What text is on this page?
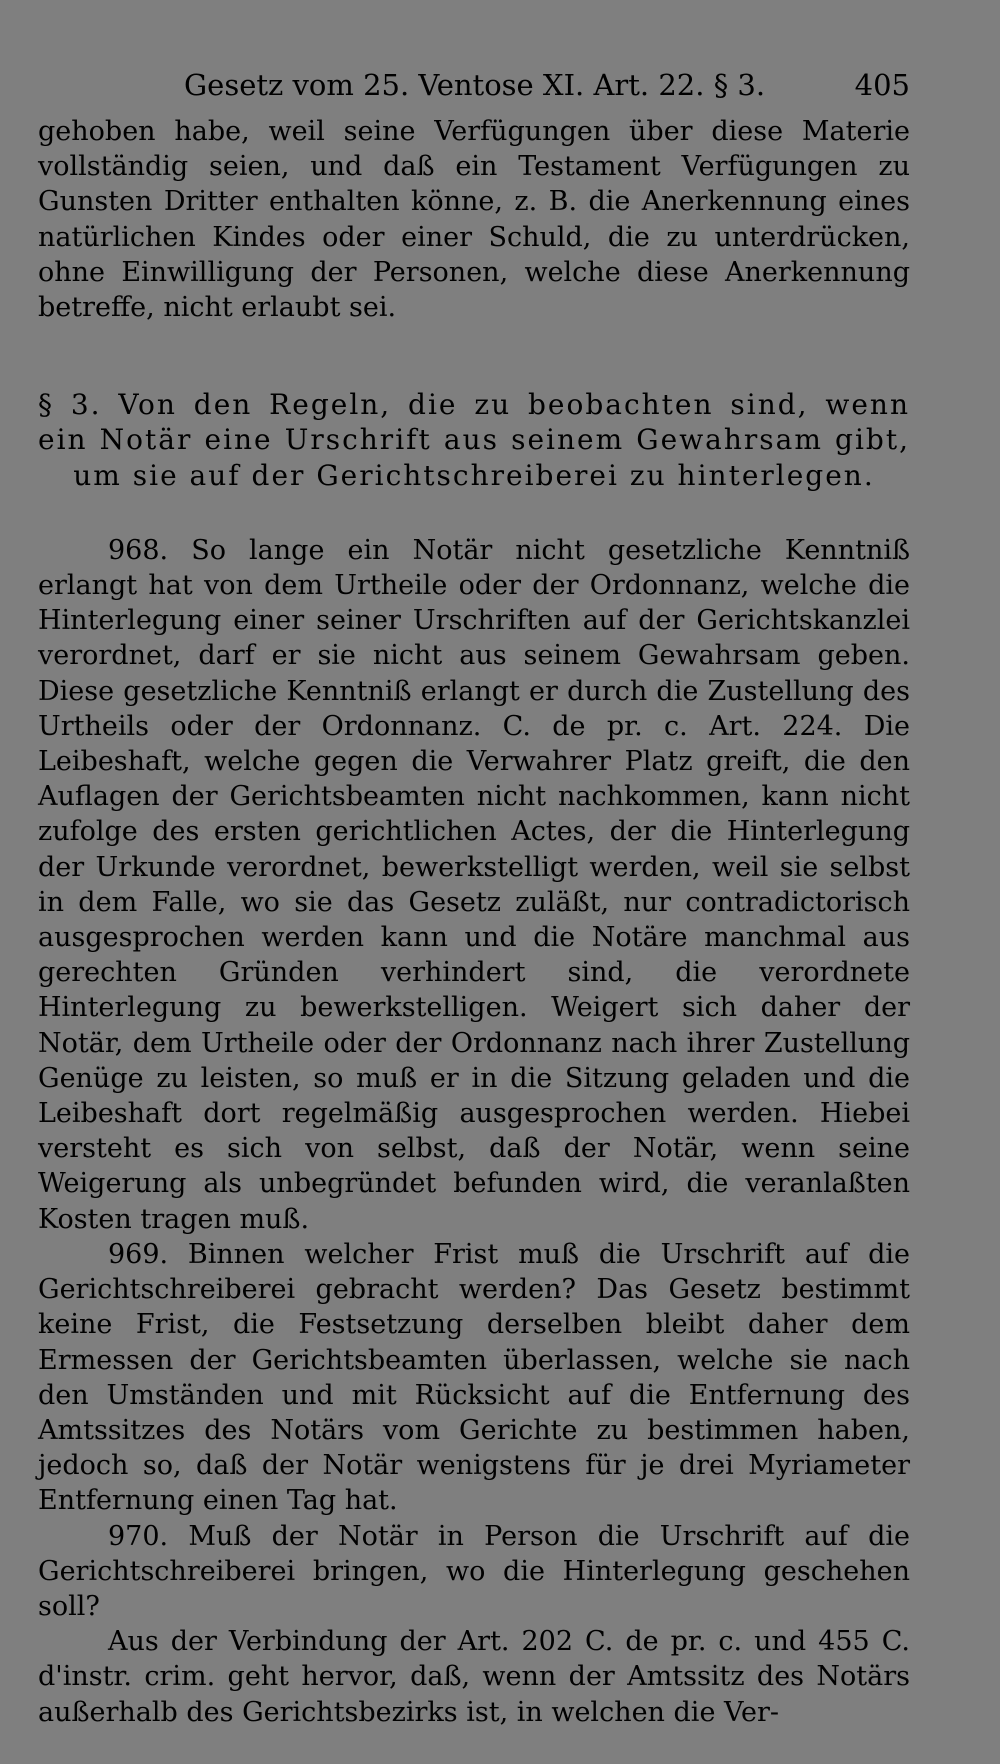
Gesetz vom 25. Ventose XI. Art. 22. § 3.	405

gehoben habe, weil seine Verfügungen über diese Materie vollständig seien, und daß ein Testament Verfügungen zu Gunsten Dritter enthalten könne, z. B. die Anerkennung eines natürlichen Kindes oder einer Schuld, die zu unterdrücken, ohne Einwilligung der Personen, welche diese Anerkennung betreffe, nicht erlaubt sei.

§ 3. Von den Regeln, die zu beobachten sind, wenn ein Notär eine Urschrift aus seinem Gewahrsam gibt, um sie auf der Gerichtschreiberei zu hinterlegen.

968. So lange ein Notär nicht gesetzliche Kenntniß erlangt hat von dem Urtheile oder der Ordonnanz, welche die Hinterlegung einer seiner Urschriften auf der Gerichtskanzlei verordnet, darf er sie nicht aus seinem Gewahrsam geben. Diese gesetzliche Kenntniß erlangt er durch die Zustellung des Urtheils oder der Ordonnanz. C. de pr. c. Art. 224. Die Leibeshaft, welche gegen die Verwahrer Platz greift, die den Auflagen der Gerichtsbeamten nicht nachkommen, kann nicht zufolge des ersten gerichtlichen Actes, der die Hinterlegung der Urkunde verordnet, bewerkstelligt werden, weil sie selbst in dem Falle, wo sie das Gesetz zuläßt, nur contradictorisch ausgesprochen werden kann und die Notäre manchmal aus gerechten Gründen verhindert sind, die verordnete Hinterlegung zu bewerkstelligen. Weigert sich daher der Notär, dem Urtheile oder der Ordonnanz nach ihrer Zustellung Genüge zu leisten, so muß er in die Sitzung geladen und die Leibeshaft dort regelmäßig ausgesprochen werden. Hiebei versteht es sich von selbst, daß der Notär, wenn seine Weigerung als unbegründet befunden wird, die veranlaßten Kosten tragen muß.

969. Binnen welcher Frist muß die Urschrift auf die Gerichtschreiberei gebracht werden? Das Gesetz bestimmt keine Frist, die Festsetzung derselben bleibt daher dem Ermessen der Gerichtsbeamten überlassen, welche sie nach den Umständen und mit Rücksicht auf die Entfernung des Amtssitzes des Notärs vom Gerichte zu bestimmen haben, jedoch so, daß der Notär wenigstens für je drei Myriameter Entfernung einen Tag hat.

970. Muß der Notär in Person die Urschrift auf die Gerichtschreiberei bringen, wo die Hinterlegung geschehen soll?

Aus der Verbindung der Art. 202 C. de pr. c. und 455 C. d'instr. crim. geht hervor, daß, wenn der Amtssitz des Notärs außerhalb des Gerichtsbezirks ist, in welchen die Ver-
